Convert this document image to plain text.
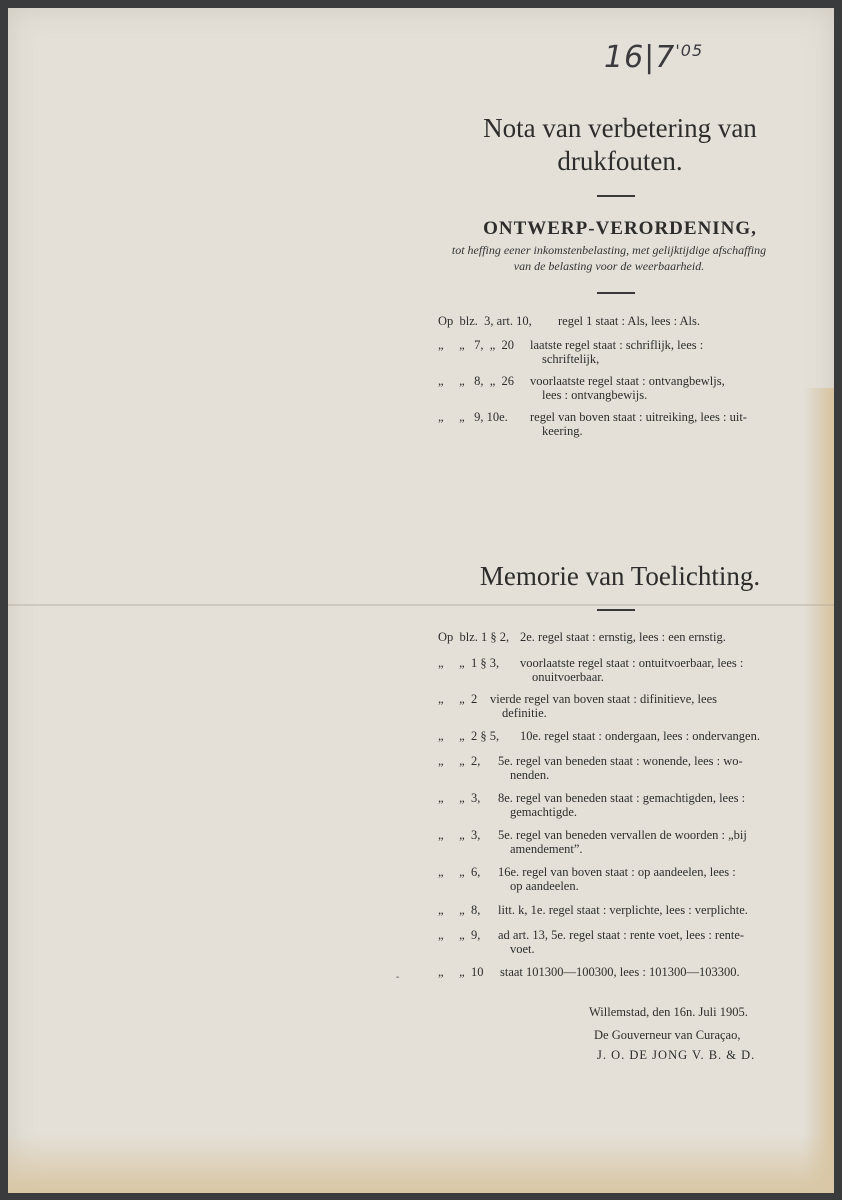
$16|7^{'05}$
Nota van verbetering van
drukfouten.
ONTWERP-VERORDENING,
tot heffing eener inkomstenbelasting, met gelijktijdige afschaffing
van de belasting voor de weerbaarheid.
Op  blz.  3, art. 10, regel 1 staat : Als, lees : Als.
„     „   7,  „  20 laatste regel staat : schriflijk, lees :
schriftelijk,
„     „   8,  „  26 voorlaatste regel staat : ontvangbewljs,
lees : ontvangbewijs.
„     „   9, 10e. regel van boven staat : uitreiking, lees : uit-
keering.
Memorie van Toelichting.
Op  blz. 1 § 2, 2e. regel staat : ernstig, lees : een ernstig.
„     „  1 § 3, voorlaatste regel staat : ontuitvoerbaar, lees :
onuitvoerbaar.
„     „  2 vierde regel van boven staat : difinitieve, lees
definitie.
„     „  2 § 5, 10e. regel staat : ondergaan, lees : ondervangen.
„     „  2, 5e. regel van beneden staat : wonende, lees : wo-
nenden.
„     „  3, 8e. regel van beneden staat : gemachtigden, lees :
gemachtigde.
„     „  3, 5e. regel van beneden vervallen de woorden : „bij
amendement”.
„     „  6, 16e. regel van boven staat : op aandeelen, lees :
op aandeelen.
„     „  8, litt. k, 1e. regel staat : verplichte, lees : verplichte.
„     „  9, ad art. 13, 5e. regel staat : rente voet, lees : rente-
voet.
„     „  10 staat 101300—100300, lees : 101300—103300.
-
Willemstad, den 16n. Juli 1905.
De Gouverneur van Curaçao,
J. O. DE JONG V. B. & D.
